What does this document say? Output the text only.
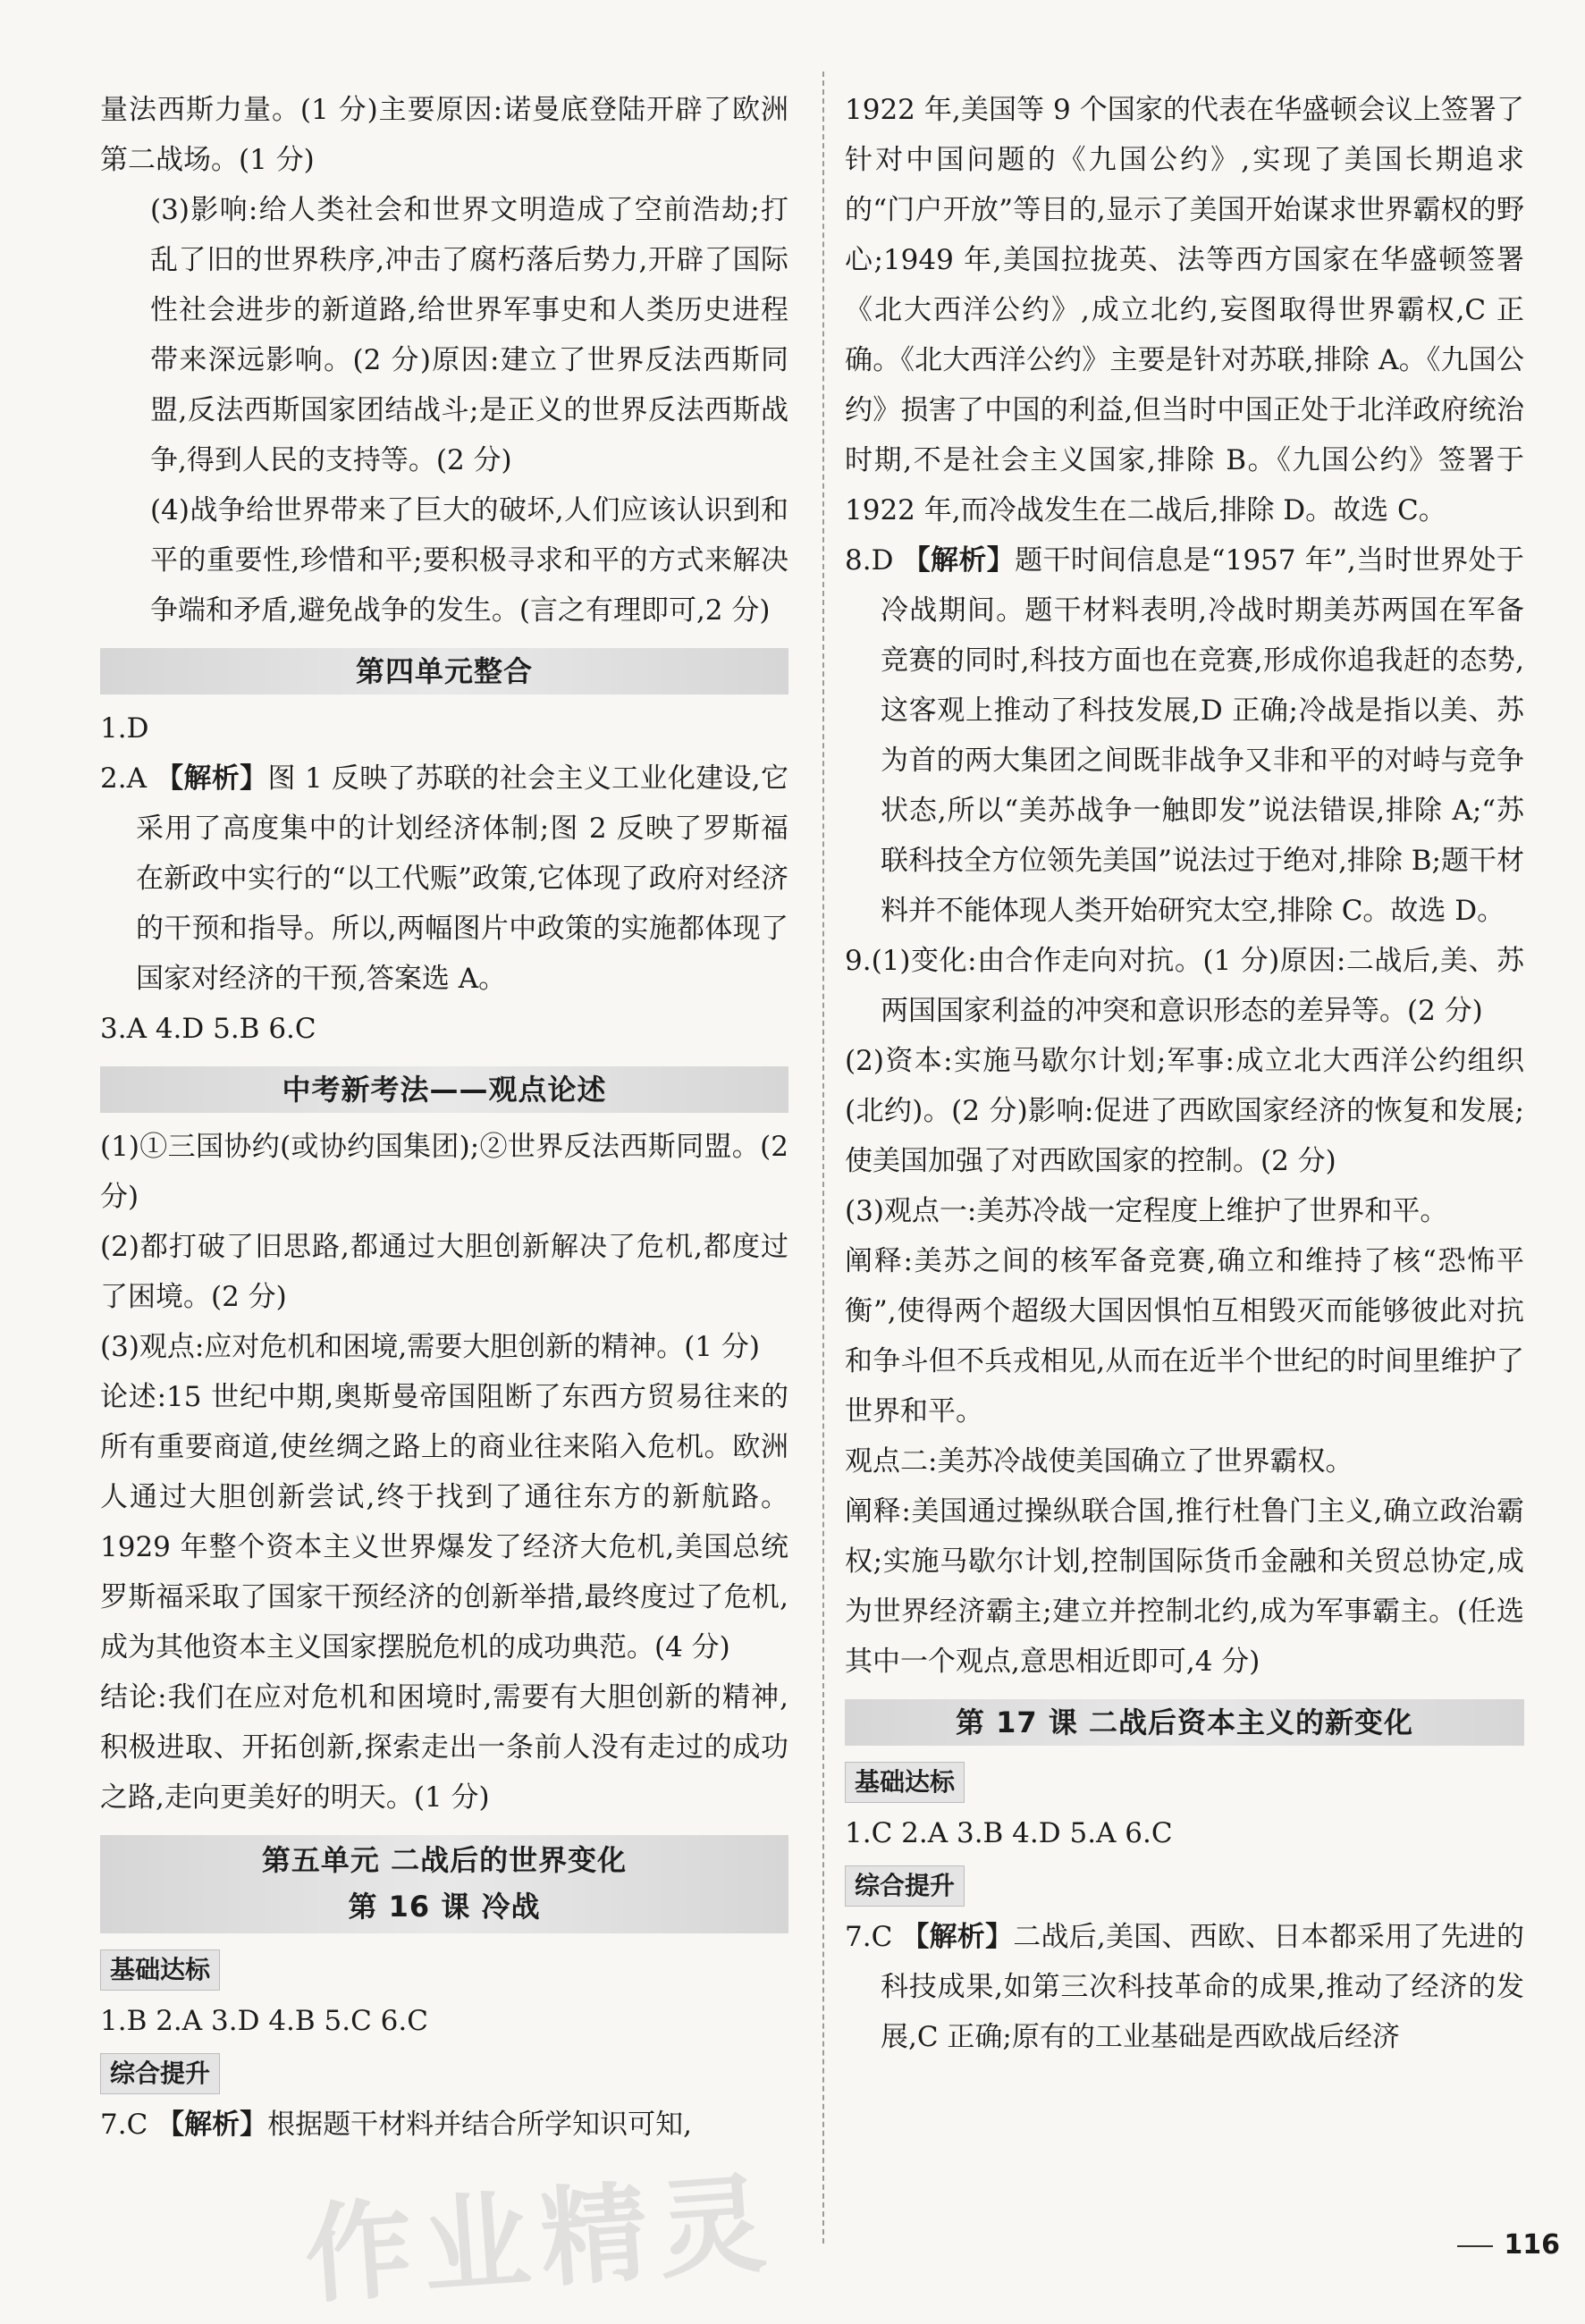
量法西斯力量。(1 分)主要原因:诺曼底登陆开辟了欧洲第二战场。(1 分)

(3)影响:给人类社会和世界文明造成了空前浩劫;打乱了旧的世界秩序,冲击了腐朽落后势力,开辟了国际性社会进步的新道路,给世界军事史和人类历史进程带来深远影响。(2 分)原因:建立了世界反法西斯同盟,反法西斯国家团结战斗;是正义的世界反法西斯战争,得到人民的支持等。(2 分)

(4)战争给世界带来了巨大的破坏,人们应该认识到和平的重要性,珍惜和平;要积极寻求和平的方式来解决争端和矛盾,避免战争的发生。(言之有理即可,2 分)

第四单元整合

1.D

2.A 【解析】图 1 反映了苏联的社会主义工业化建设,它采用了高度集中的计划经济体制;图 2 反映了罗斯福在新政中实行的“以工代赈”政策,它体现了政府对经济的干预和指导。所以,两幅图片中政策的实施都体现了国家对经济的干预,答案选 A。

3.A 4.D 5.B 6.C

中考新考法——观点论述

(1)①三国协约(或协约国集团);②世界反法西斯同盟。(2 分)

(2)都打破了旧思路,都通过大胆创新解决了危机,都度过了困境。(2 分)

(3)观点:应对危机和困境,需要大胆创新的精神。(1 分)

论述:15 世纪中期,奥斯曼帝国阻断了东西方贸易往来的所有重要商道,使丝绸之路上的商业往来陷入危机。欧洲人通过大胆创新尝试,终于找到了通往东方的新航路。1929 年整个资本主义世界爆发了经济大危机,美国总统罗斯福采取了国家干预经济的创新举措,最终度过了危机,成为其他资本主义国家摆脱危机的成功典范。(4 分)

结论:我们在应对危机和困境时,需要有大胆创新的精神,积极进取、开拓创新,探索走出一条前人没有走过的成功之路,走向更美好的明天。(1 分)

第五单元 二战后的世界变化
第 16 课 冷战
基础达标

1.B 2.A 3.D 4.B 5.C 6.C

综合提升

7.C 【解析】根据题干材料并结合所学知识可知,

1922 年,美国等 9 个国家的代表在华盛顿会议上签署了针对中国问题的《九国公约》,实现了美国长期追求的“门户开放”等目的,显示了美国开始谋求世界霸权的野心;1949 年,美国拉拢英、法等西方国家在华盛顿签署《北大西洋公约》,成立北约,妄图取得世界霸权,C 正确。《北大西洋公约》主要是针对苏联,排除 A。《九国公约》损害了中国的利益,但当时中国正处于北洋政府统治时期,不是社会主义国家,排除 B。《九国公约》签署于 1922 年,而冷战发生在二战后,排除 D。故选 C。

8.D 【解析】题干时间信息是“1957 年”,当时世界处于冷战期间。题干材料表明,冷战时期美苏两国在军备竞赛的同时,科技方面也在竞赛,形成你追我赶的态势,这客观上推动了科技发展,D 正确;冷战是指以美、苏为首的两大集团之间既非战争又非和平的对峙与竞争状态,所以“美苏战争一触即发”说法错误,排除 A;“苏联科技全方位领先美国”说法过于绝对,排除 B;题干材料并不能体现人类开始研究太空,排除 C。故选 D。

9.(1)变化:由合作走向对抗。(1 分)原因:二战后,美、苏两国国家利益的冲突和意识形态的差异等。(2 分)

(2)资本:实施马歇尔计划;军事:成立北大西洋公约组织(北约)。(2 分)影响:促进了西欧国家经济的恢复和发展;使美国加强了对西欧国家的控制。(2 分)

(3)观点一:美苏冷战一定程度上维护了世界和平。

阐释:美苏之间的核军备竞赛,确立和维持了核“恐怖平衡”,使得两个超级大国因惧怕互相毁灭而能够彼此对抗和争斗但不兵戎相见,从而在近半个世纪的时间里维护了世界和平。

观点二:美苏冷战使美国确立了世界霸权。

阐释:美国通过操纵联合国,推行杜鲁门主义,确立政治霸权;实施马歇尔计划,控制国际货币金融和关贸总协定,成为世界经济霸主;建立并控制北约,成为军事霸主。(任选其中一个观点,意思相近即可,4 分)

第 17 课 二战后资本主义的新变化
基础达标

1.C 2.A 3.B 4.D 5.A 6.C

综合提升

7.C 【解析】二战后,美国、西欧、日本都采用了先进的科技成果,如第三次科技革命的成果,推动了经济的发展,C 正确;原有的工业基础是西欧战后经济

作业精灵	116
